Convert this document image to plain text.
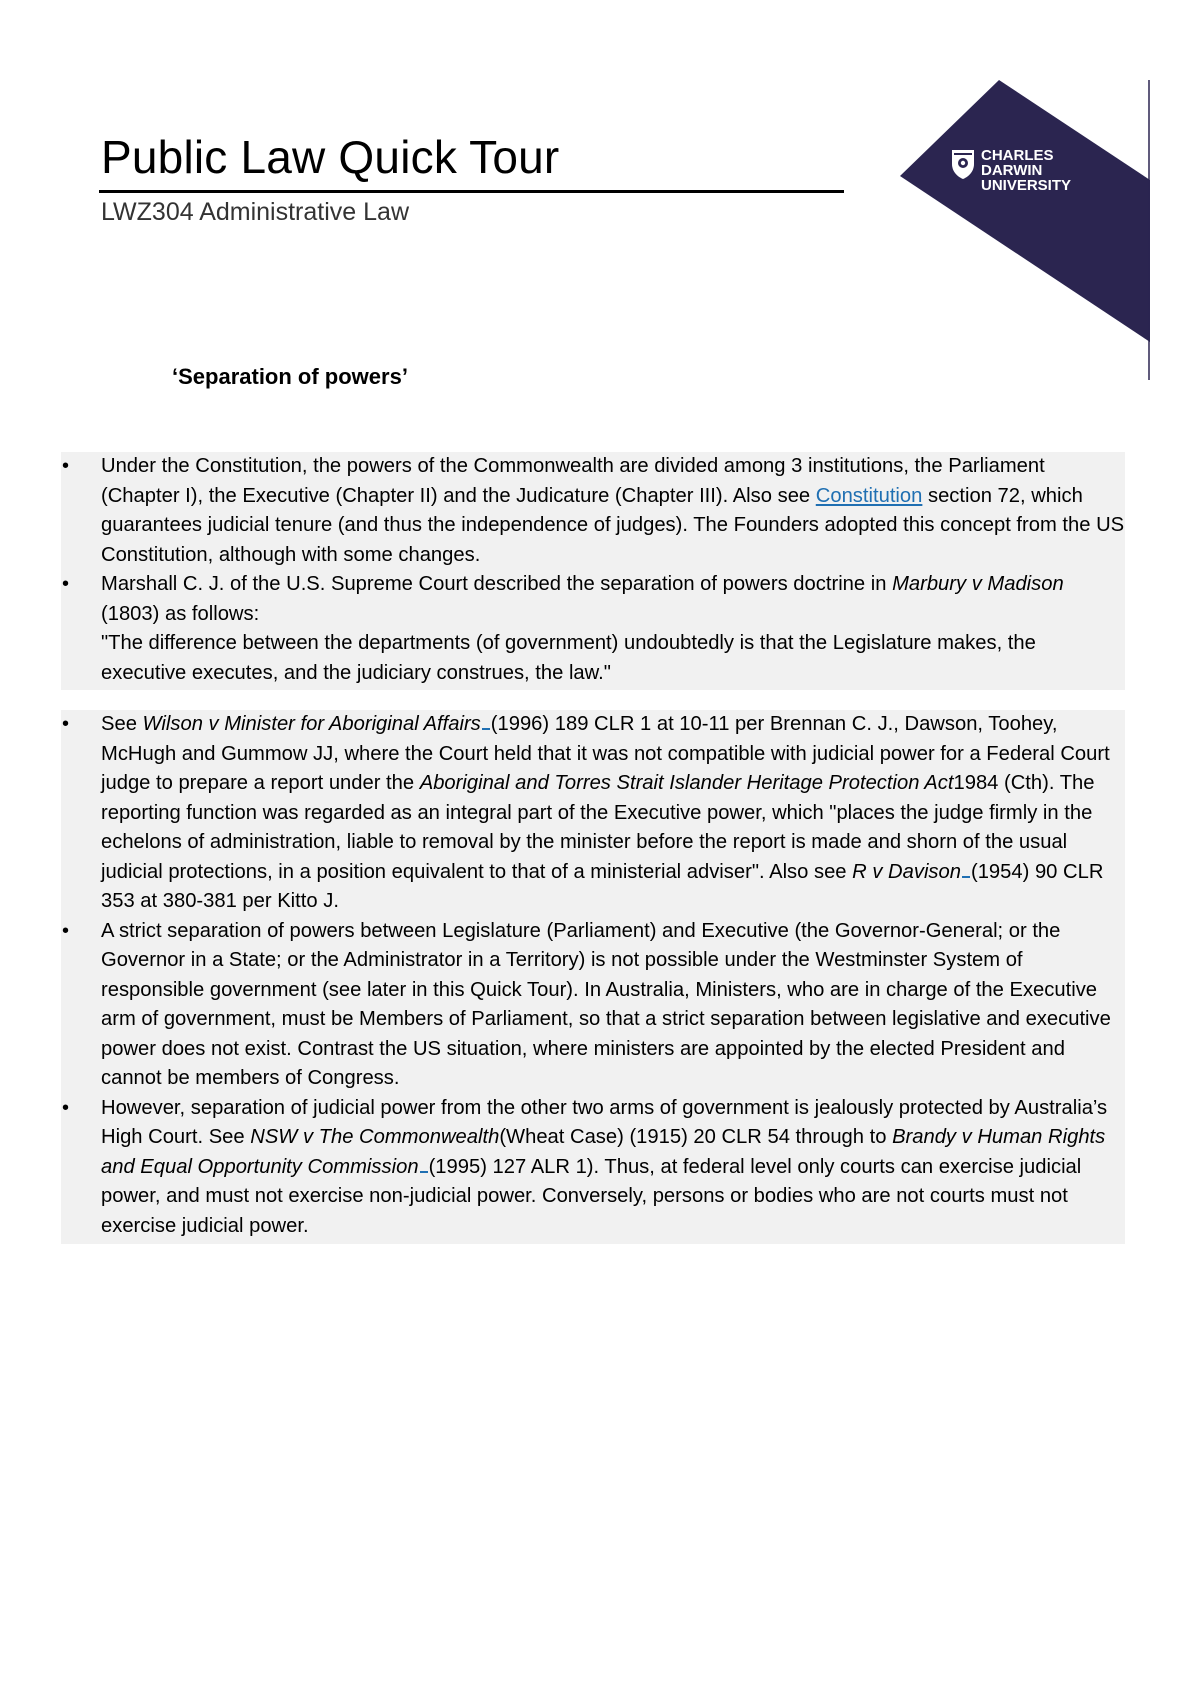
Public Law Quick Tour
LWZ304 Administrative Law
CHARLES
DARWIN
UNIVERSITY
‘Separation of powers’
• Under the Constitution, the powers of the Commonwealth are divided among 3 institutions, the Parliament (Chapter I), the Executive (Chapter II) and the Judicature (Chapter III). Also see Constitution section 72, which guarantees judicial tenure (and thus the independence of judges). The Founders adopted this concept from the US Constitution, although with some changes.
• Marshall C. J. of the U.S. Supreme Court described the separation of powers doctrine in Marbury v Madison (1803) as follows:
"The difference between the departments (of government) undoubtedly is that the Legislature makes, the executive executes, and the judiciary construes, the law."
• See Wilson v Minister for Aboriginal Affairs (1996) 189 CLR 1 at 10-11 per Brennan C. J., Dawson, Toohey, McHugh and Gummow JJ, where the Court held that it was not compatible with judicial power for a Federal Court judge to prepare a report under the Aboriginal and Torres Strait Islander Heritage Protection Act1984 (Cth). The reporting function was regarded as an integral part of the Executive power, which "places the judge firmly in the echelons of administration, liable to removal by the minister before the report is made and shorn of the usual judicial protections, in a position equivalent to that of a ministerial adviser". Also see R v Davison (1954) 90 CLR 353 at 380-381 per Kitto J.
• A strict separation of powers between Legislature (Parliament) and Executive (the Governor-General; or the Governor in a State; or the Administrator in a Territory) is not possible under the Westminster System of responsible government (see later in this Quick Tour). In Australia, Ministers, who are in charge of the Executive arm of government, must be Members of Parliament, so that a strict separation between legislative and executive power does not exist. Contrast the US situation, where ministers are appointed by the elected President and cannot be members of Congress.
• However, separation of judicial power from the other two arms of government is jealously protected by Australia’s High Court. See NSW v The Commonwealth(Wheat Case) (1915) 20 CLR 54 through to Brandy v Human Rights and Equal Opportunity Commission (1995) 127 ALR 1). Thus, at federal level only courts can exercise judicial power, and must not exercise non-judicial power. Conversely, persons or bodies who are not courts must not exercise judicial power.
